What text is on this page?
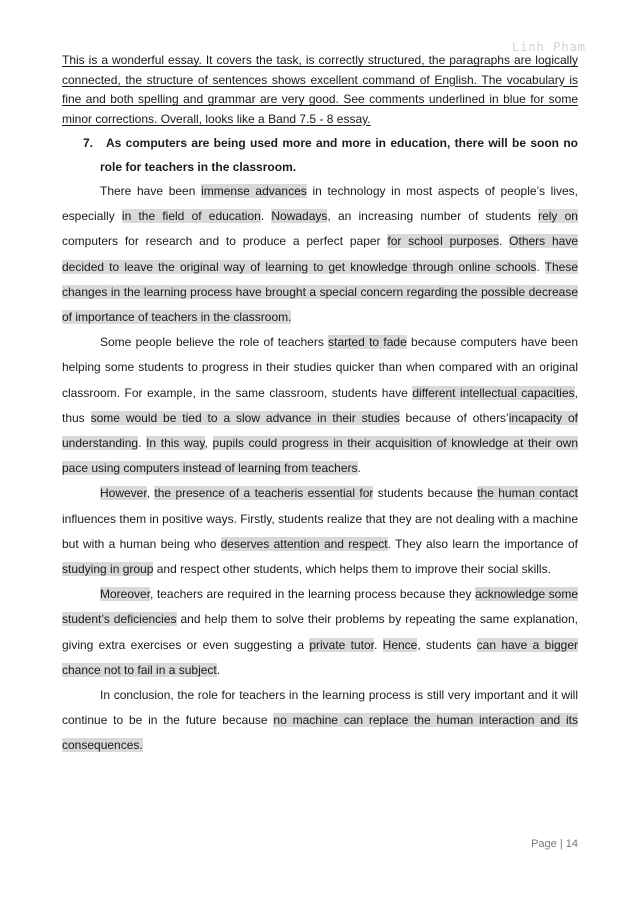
Linh Pham

This is a wonderful essay. It covers the task, is correctly structured, the paragraphs are logically connected, the structure of sentences shows excellent command of English. The vocabulary is fine and both spelling and grammar are very good. See comments underlined in blue for some minor corrections. Overall, looks like a Band 7.5 - 8 essay.

7. As computers are being used more and more in education, there will be soon no role for teachers in the classroom.

There have been immense advances in technology in most aspects of people’s lives, especially in the field of education. Nowadays, an increasing number of students rely on computers for research and to produce a perfect paper for school purposes. Others have decided to leave the original way of learning to get knowledge through online schools. These changes in the learning process have brought a special concern regarding the possible decrease of importance of teachers in the classroom.

Some people believe the role of teachers started to fade because computers have been helping some students to progress in their studies quicker than when compared with an original classroom. For example, in the same classroom, students have different intellectual capacities, thus some would be tied to a slow advance in their studies because of others’incapacity of understanding. In this way, pupils could progress in their acquisition of knowledge at their own pace using computers instead of learning from teachers.

However, the presence of a teacheris essential for students because the human contact influences them in positive ways. Firstly, students realize that they are not dealing with a machine but with a human being who deserves attention and respect. They also learn the importance of studying in group and respect other students, which helps them to improve their social skills.

Moreover, teachers are required in the learning process because they acknowledge some student’s deficiencies and help them to solve their problems by repeating the same explanation, giving extra exercises or even suggesting a private tutor. Hence, students can have a bigger chance not to fail in a subject.

In conclusion, the role for teachers in the learning process is still very important and it will continue to be in the future because no machine can replace the human interaction and its consequences.

Page | 14
